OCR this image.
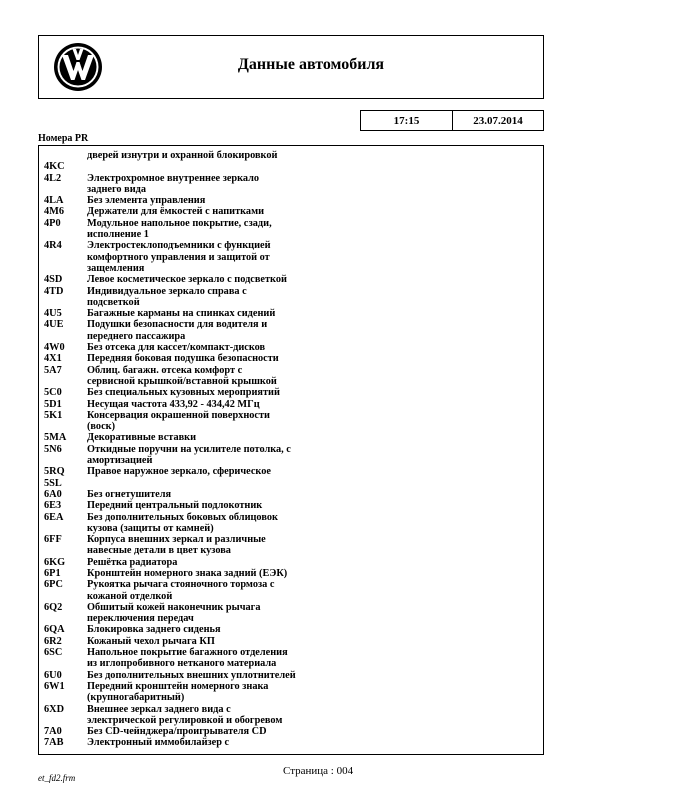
Данные автомобиля
17:15	23.07.2014
Номера PR
дверей изнутри и охранной блокировкой
4KC
4L2	Электрохромное внутреннее зеркало
заднего вида
4LA	Без элемента управления
4M6	Держатели для ёмкостей с напитками
4P0	Модульное напольное покрытие, сзади,
исполнение 1
4R4	Электростеклоподъемники с функцией
комфортного управления и защитой от
защемления
4SD	Левое косметическое зеркало с подсветкой
4TD	Индивидуальное зеркало справа с
подсветкой
4U5	Багажные карманы на спинках сидений
4UE	Подушки безопасности для водителя и
переднего пассажира
4W0	Без отсека для кассет/компакт-дисков
4X1	Передняя боковая подушка безопасности
5A7	Облиц. багажн. отсека комфорт с
сервисной крышкой/вставной крышкой
5C0	Без специальных кузовных мероприятий
5D1	Несущая частота 433,92 - 434,42 МГц
5K1	Консервация окрашенной поверхности
(воск)
5MA	Декоративные вставки
5N6	Откидные поручни на усилителе потолка, с
амортизацией
5RQ	Правое наружное зеркало, сферическое
5SL
6A0	Без огнетушителя
6E3	Передний центральный подлокотник
6EA	Без дополнительных боковых облицовок
кузова (защиты от камней)
6FF	Корпуса внешних зеркал и различные
навесные детали в цвет кузова
6KG	Решётка радиатора
6P1	Кронштейн номерного знака задний (ЕЭК)
6PC	Рукоятка рычага стояночного тормоза с
кожаной отделкой
6Q2	Обшитый кожей наконечник рычага
переключения передач
6QA	Блокировка заднего сиденья
6R2	Кожаный чехол рычага КП
6SC	Напольное покрытие багажного отделения
из иглопробивного нетканого материала
6U0	Без дополнительных внешних уплотнителей
6W1	Передний кронштейн номерного знака
(крупногабаритный)
6XD	Внешнее зеркал заднего вида с
электрической регулировкой и обогревом
7A0	Без CD-чейнджера/проигрывателя CD
7AB	Электронный иммобилайзер с
Страница : 004
et_fd2.frm
